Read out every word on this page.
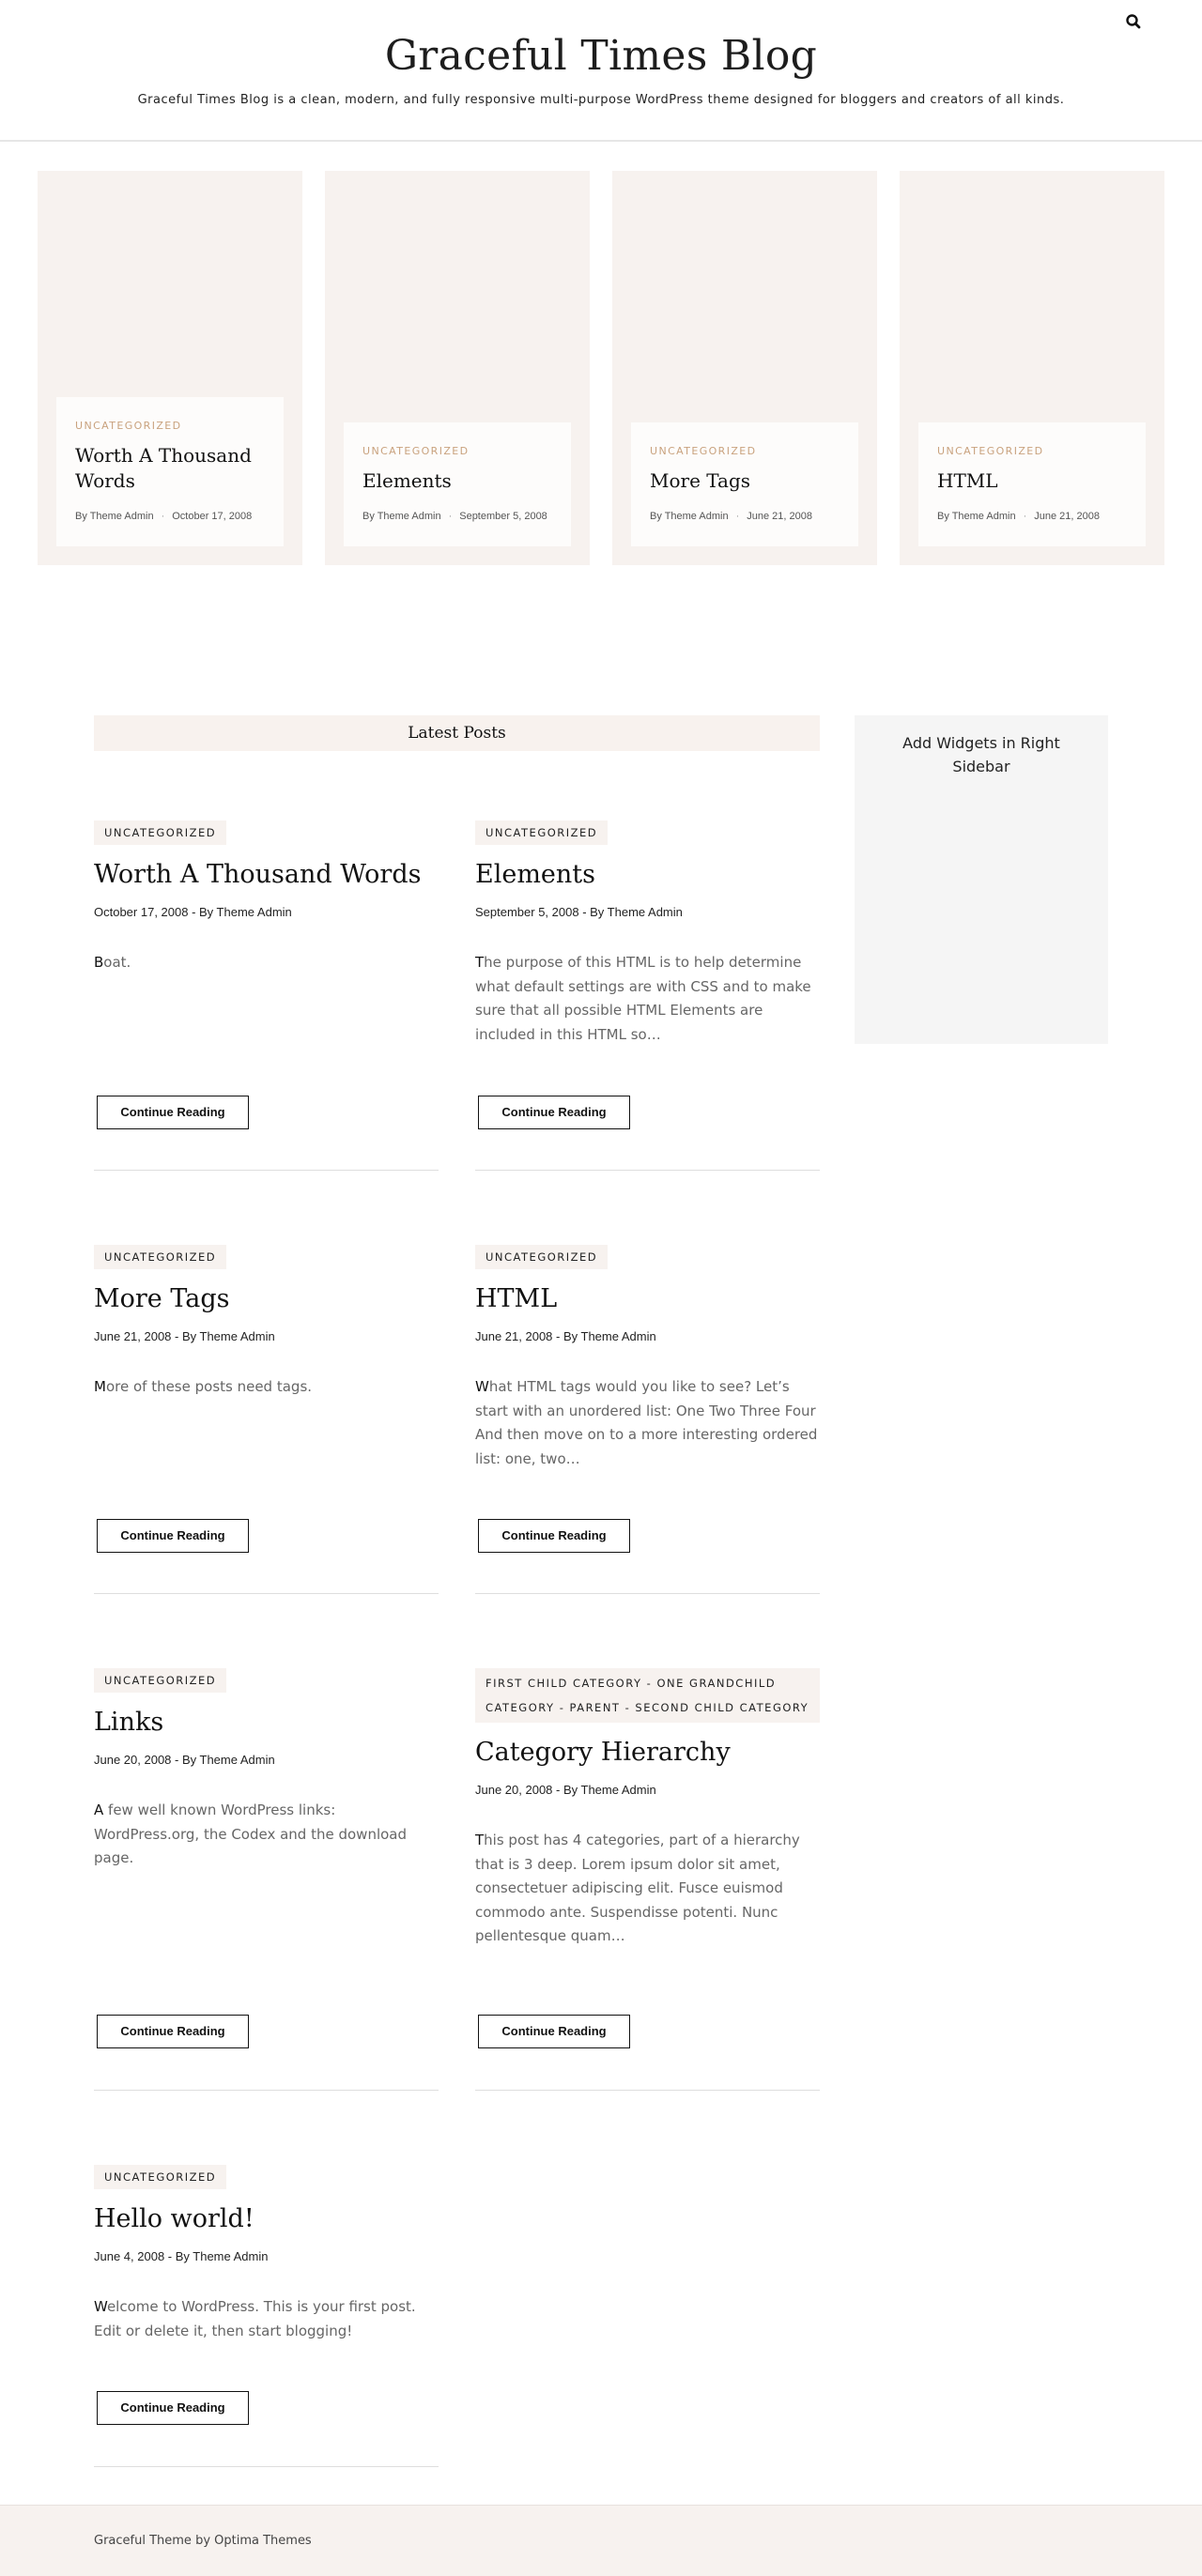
Graceful Times Blog

Graceful Times Blog is a clean, modern, and fully responsive multi-purpose WordPress theme designed for bloggers and creators of all kinds.

UNCATEGORIZED
Worth A Thousand Words
By Theme Admin · October 17, 2008
UNCATEGORIZED
Elements
By Theme Admin · September 5, 2008
UNCATEGORIZED
More Tags
By Theme Admin · June 21, 2008
UNCATEGORIZED
HTML
By Theme Admin · June 21, 2008
Latest Posts
Add Widgets in Right Sidebar
UNCATEGORIZED
Worth A Thousand Words
October 17, 2008 - By Theme Admin

Boat.

Continue Reading
UNCATEGORIZED
Elements
September 5, 2008 - By Theme Admin

The purpose of this HTML is to help determine what default settings are with CSS and to make sure that all possible HTML Elements are included in this HTML so…

Continue Reading
UNCATEGORIZED
More Tags
June 21, 2008 - By Theme Admin

More of these posts need tags.

Continue Reading
UNCATEGORIZED
HTML
June 21, 2008 - By Theme Admin

What HTML tags would you like to see? Let’s start with an unordered list: One Two Three Four And then move on to a more interesting ordered list: one, two…

Continue Reading
UNCATEGORIZED
Links
June 20, 2008 - By Theme Admin

A few well known WordPress links: WordPress.org, the Codex and the download page.

Continue Reading
FIRST CHILD CATEGORY - ONE GRANDCHILD CATEGORY - PARENT - SECOND CHILD CATEGORY
Category Hierarchy
June 20, 2008 - By Theme Admin

This post has 4 categories, part of a hierarchy that is 3 deep. Lorem ipsum dolor sit amet, consectetuer adipiscing elit. Fusce euismod commodo ante. Suspendisse potenti. Nunc pellentesque quam…

Continue Reading
UNCATEGORIZED
Hello world!
June 4, 2008 - By Theme Admin

Welcome to WordPress. This is your first post. Edit or delete it, then start blogging!

Continue Reading
Graceful Theme by Optima Themes
